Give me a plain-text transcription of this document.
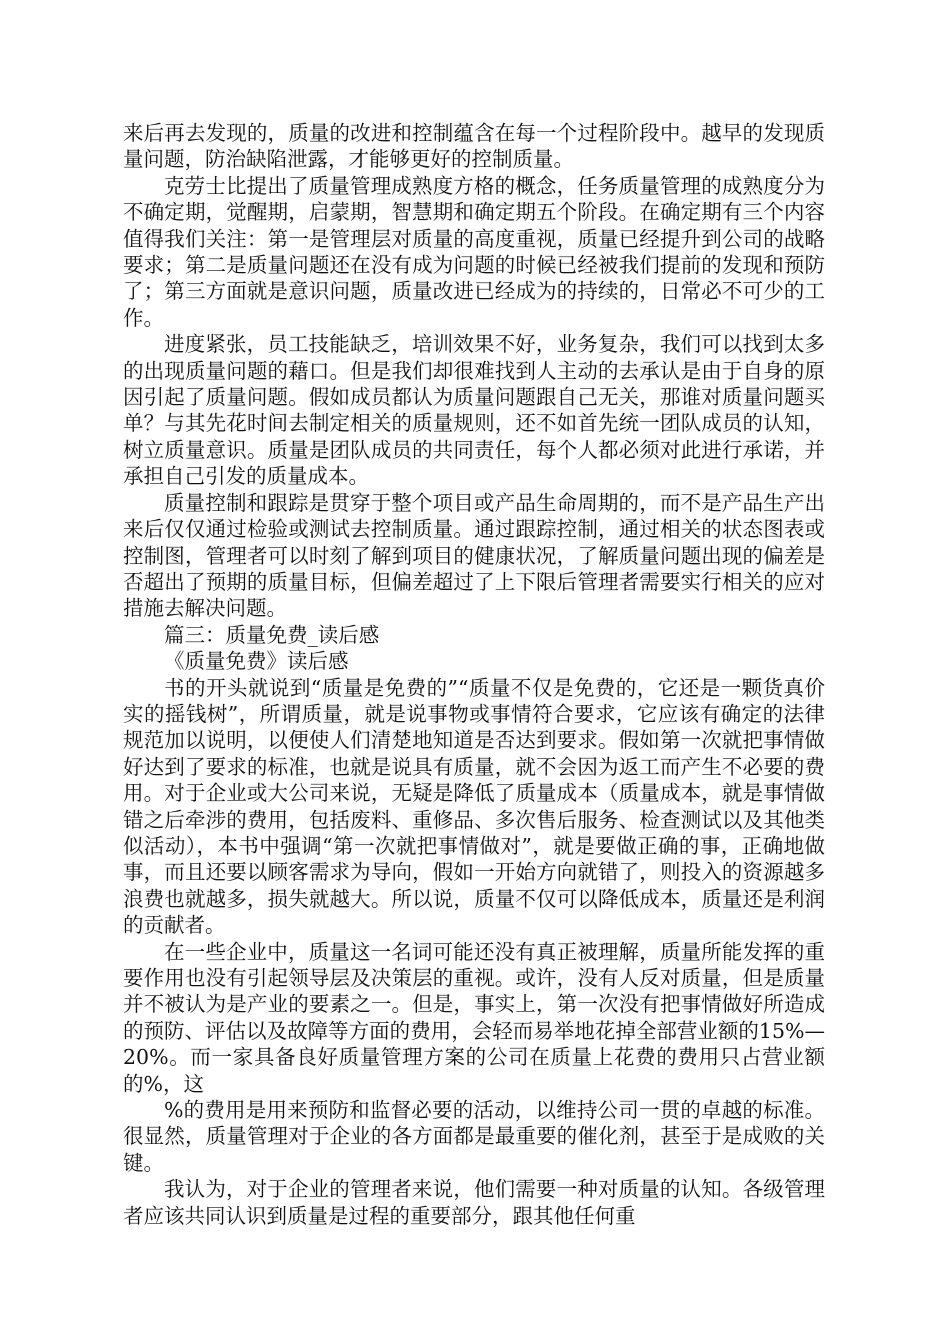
来后再去发现的，质量的改进和控制蕴含在每一个过程阶段中。越早的发现质量问题，防治缺陷泄露，才能够更好的控制质量。

克劳士比提出了质量管理成熟度方格的概念，任务质量管理的成熟度分为不确定期，觉醒期，启蒙期，智慧期和确定期五个阶段。在确定期有三个内容值得我们关注：第一是管理层对质量的高度重视，质量已经提升到公司的战略要求；第二是质量问题还在没有成为问题的时候已经被我们提前的发现和预防了；第三方面就是意识问题，质量改进已经成为的持续的，日常必不可少的工作。

进度紧张，员工技能缺乏，培训效果不好，业务复杂，我们可以找到太多的出现质量问题的藉口。但是我们却很难找到人主动的去承认是由于自身的原因引起了质量问题。假如成员都认为质量问题跟自己无关，那谁对质量问题买单？与其先花时间去制定相关的质量规则，还不如首先统一团队成员的认知，树立质量意识。质量是团队成员的共同责任，每个人都必须对此进行承诺，并承担自己引发的质量成本。

质量控制和跟踪是贯穿于整个项目或产品生命周期的，而不是产品生产出来后仅仅通过检验或测试去控制质量。通过跟踪控制，通过相关的状态图表或控制图，管理者可以时刻了解到项目的健康状况，了解质量问题出现的偏差是否超出了预期的质量目标，但偏差超过了上下限后管理者需要实行相关的应对措施去解决问题。

篇三：质量免费_读后感

《质量免费》读后感

书的开头就说到“质量是免费的”“质量不仅是免费的，它还是一颗货真价实的摇钱树”，所谓质量，就是说事物或事情符合要求，它应该有确定的法律规范加以说明，以便使人们清楚地知道是否达到要求。假如第一次就把事情做好达到了要求的标准，也就是说具有质量，就不会因为返工而产生不必要的费用。对于企业或大公司来说，无疑是降低了质量成本（质量成本，就是事情做错之后牵涉的费用，包括废料、重修品、多次售后服务、检查测试以及其他类似活动），本书中强调“第一次就把事情做对”，就是要做正确的事，正确地做事，而且还要以顾客需求为导向，假如一开始方向就错了，则投入的资源越多浪费也就越多，损失就越大。所以说，质量不仅可以降低成本，质量还是利润的贡献者。

在一些企业中，质量这一名词可能还没有真正被理解，质量所能发挥的重要作用也没有引起领导层及决策层的重视。或许，没有人反对质量，但是质量并不被认为是产业的要素之一。但是，事实上，第一次没有把事情做好所造成的预防、评估以及故障等方面的费用，会轻而易举地花掉全部营业额的15%—20%。而一家具备良好质量管理方案的公司在质量上花费的费用只占营业额的%，这

%的费用是用来预防和监督必要的活动，以维持公司一贯的卓越的标准。很显然，质量管理对于企业的各方面都是最重要的催化剂，甚至于是成败的关键。

我认为，对于企业的管理者来说，他们需要一种对质量的认知。各级管理者应该共同认识到质量是过程的重要部分，跟其他任何重
